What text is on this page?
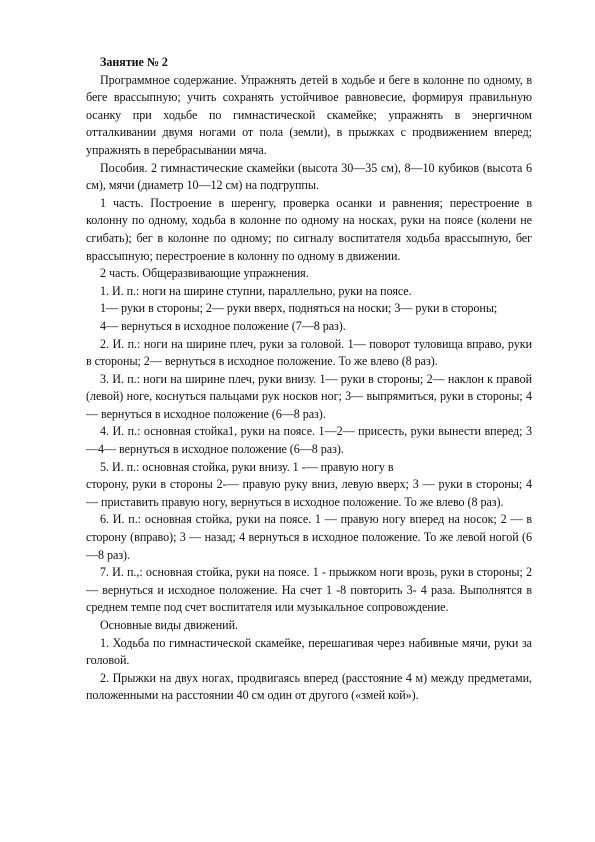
Занятие № 2

Программное содержание. Упражнять детей в ходьбе и беге в колонне по одному, в беге врассыпную; учить сохранять устойчивое равновесие, формируя правильную осанку при ходьбе по гимнастической скамейке; упражнять в энергичном отталкивании двумя ногами от пола (земли), в прыжках с продвижением вперед; упражнять в перебрасывании мяча.

Пособия. 2 гимнастические скамейки (высота 30—35 см), 8—10 кубиков (высота 6 см), мячи (диаметр 10—12 см) на подгруппы.

1 часть. Построение в шеренгу, проверка осанки и равнения; перестроение в колонну по одному, ходьба в колонне по одному на носках, руки на поясе (колени не сгибать); бег в колонне по одному; по сигналу воспитателя ходьба врассыпную, бег врассыпную; перестроение в колонну по одному в движении.

2 часть. Общеразвивающие упражнения.

1. И. п.: ноги на ширине ступни, параллельно, руки на поясе.

1— руки в стороны; 2— руки вверх, подняться на носки; 3— руки в стороны;

4— вернуться в исходное положение (7—8 раз).

2. И. п.: ноги на ширине плеч, руки за головой. 1— поворот туловища вправо, руки в стороны; 2— вернуться в исходное положение. То же влево (8 раз).

3. И. п.: ноги на ширине плеч, руки внизу. 1— руки в стороны; 2— наклон к правой (левой) ноге, коснуться пальцами рук носков ног; 3— выпрямиться, руки в стороны; 4— вернуться в исходное положение (6—8 раз).

4. И. п.: основная стойка1, руки на поясе. 1—2— присесть, руки вынести вперед; 3—4— вернуться в исходное положение (6—8 раз).

5. И. п.: основная стойка, руки внизу. 1 -— правую ногу в

сторону, руки в стороны 2-— правую руку вниз, левую вверх; 3 — руки в стороны; 4 — приставить правую ногу, вернуться в исходное положение. То же влево (8 раз).

6. И. п.: основная стойка, руки на поясе. 1 — правую ногу вперед на носок; 2 — в сторону (вправо); 3 — назад; 4 вернуться в исходное положение. То же левой ногой (6 —8 раз).

7. И. п.,: основная стойка, руки на поясе. 1 - прыжком ноги врозь, руки в стороны; 2 — вернуться и исходное положение. На счет 1 -8 повторить 3- 4 раза. Выполнятся в среднем темпе под счет воспитателя или музыкальное сопровождение.

Основные виды движений.

1. Ходьба по гимнастической скамейке, перешагивая через набивные мячи, руки за головой.

2. Прыжки на двух ногах, продвигаясь вперед (расстояние 4 м) между предметами, положенными на расстоянии 40 см один от другого («змей кой»).
